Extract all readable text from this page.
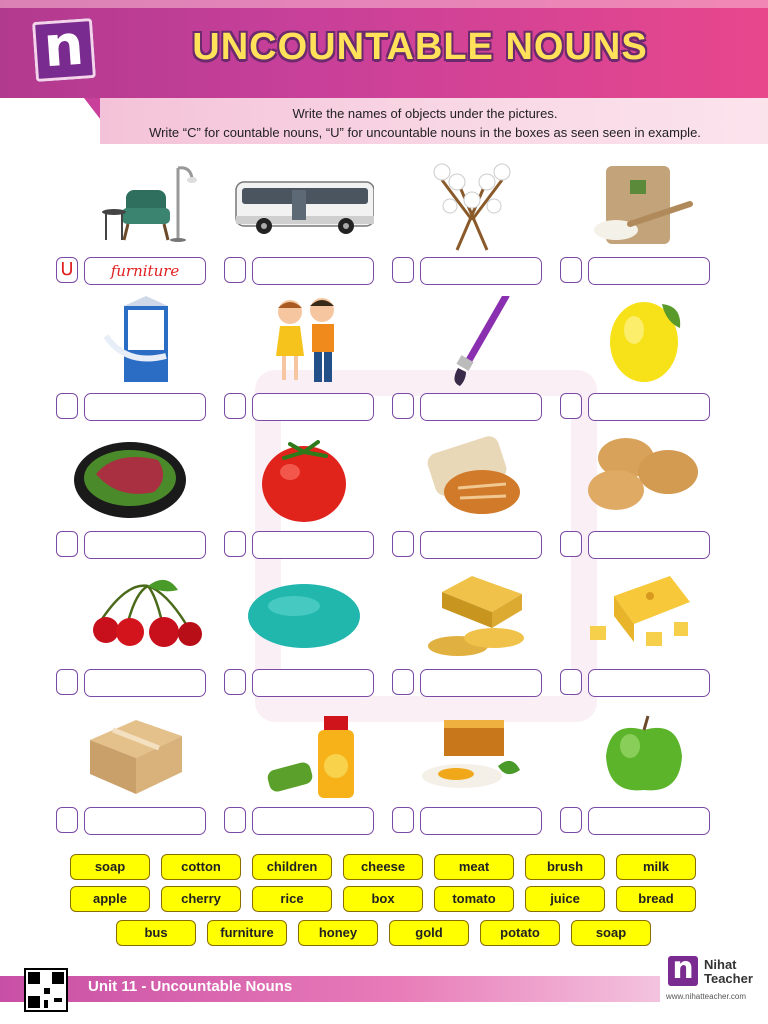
n	UNCOUNTABLE NOUNS
Write the names of objects under the pictures.
Write “C” for countable nouns, “U” for uncountable nouns in the boxes as seen seen in example.
U	furniture
soap	cotton	children	cheese	meat	brush	milk
apple	cherry	rice	box	tomato	juice	bread
bus	furniture	honey	gold	potato	soap
Unit 11 - Uncountable Nouns
n Nihat
Teacher
www.nihatteacher.com
